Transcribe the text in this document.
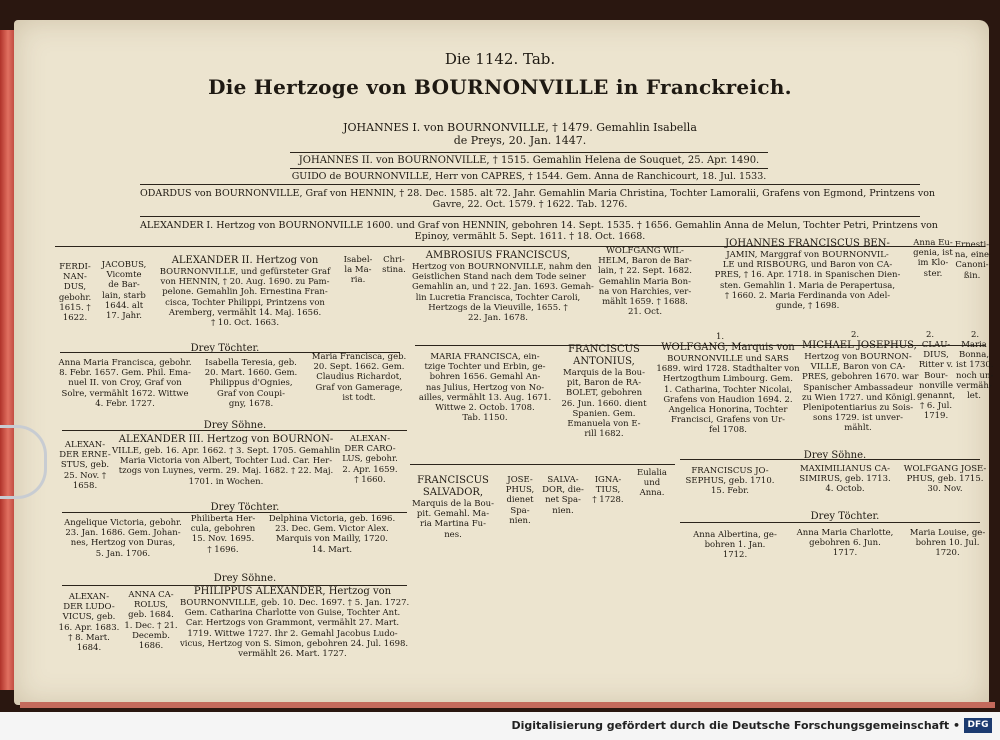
Die 1142. Tab.
Die Hertzoge von BOURNONVILLE in Franckreich.
JOHANNES I. von BOURNONVILLE, † 1479. Gemahlin Isabella
de Preys, 20. Jan. 1447.
JOHANNES II. von BOURNONVILLE, † 1515. Gemahlin Helena de Souquet, 25. Apr. 1490.
GUIDO de BOURNONVILLE, Herr von CAPRES, † 1544. Gem. Anna de Ranchicourt, 18. Jul. 1533.
ODARDUS von BOURNONVILLE, Graf von HENNIN, † 28. Dec. 1585. alt 72. Jahr. Gemahlin Maria Christina, Tochter Lamoralii, Grafens von Egmond, Printzens von
Gavre, 22. Oct. 1579. † 1622. Tab. 1276.
ALEXANDER I. Hertzog von BOURNONVILLE 1600. und Graf von HENNIN, gebohren 14. Sept. 1535. † 1656. Gemahlin Anna de Melun, Tochter Petri, Printzens von
Epinoy, vermählt 5. Sept. 1611. † 18. Oct. 1668.
FERDI-
NAN-
DUS,
gebohr.
1615. †
1622.
JACOBUS,
Vicomte
de Bar-
lain, starb
1644. alt
17. Jahr.
ALEXANDER II. Hertzog von
BOURNONVILLE, und gefürsteter Graf
von HENNIN, † 20. Aug. 1690. zu Pam-
pelone. Gemahlin Joh. Ernestina Fran-
cisca, Tochter Philippi, Printzens von
Aremberg, vermählt 14. Maj. 1656.
† 10. Oct. 1663.
Isabel-
la Ma-
ria.
Chri-
stina.
AMBROSIUS FRANCISCUS,
Hertzog von BOURNONVILLE, nahm den
Geistlichen Stand nach dem Tode seiner
Gemahlin an, und † 22. Jan. 1693. Gemah-
lin Lucretia Francisca, Tochter Caroli,
Hertzogs de la Vieuville, 1655. †
22. Jan. 1678.
WOLFGANG WIL-
HELM, Baron de Bar-
lain, † 22. Sept. 1682.
Gemahlin Maria Bon-
na von Harchies, ver-
mählt 1659. † 1688.
21. Oct.
JOHANNES FRANCISCUS BEN-
JAMIN, Marggraf von BOURNONVIL-
LE und RISBOURG, und Baron von CA-
PRES, † 16. Apr. 1718. in Spanischen Dien-
sten. Gemahlin 1. Maria de Perapertusa,
† 1660. 2. Maria Ferdinanda von Adel-
gunde, † 1698.
Anna Eu-
genia, ist
im Klo-
ster.
Ernesti-
na, eine
Canoni-
ßin.
Drey Töchter.
Anna Maria Francisca, gebohr.
8. Febr. 1657. Gem. Phil. Ema-
nuel II. von Croy, Graf von
Solre, vermählt 1672. Wittwe
4. Febr. 1727.
Isabella Teresia, geb.
20. Mart. 1660. Gem.
Philippus d'Ognies,
Graf von Coupi-
gny, 1678.
Maria Francisca, geb.
20. Sept. 1662. Gem.
Claudius Richardot,
Graf von Gamerage,
ist todt.
Drey Söhne.
ALEXAN-
DER ERNE-
STUS, geb.
25. Nov. †
1658.
ALEXANDER III. Hertzog von BOURNON-
VILLE, geb. 16. Apr. 1662. † 3. Sept. 1705. Gemahlin
Maria Victoria von Albert, Tochter Lud. Car. Her-
tzogs von Luynes, verm. 29. Maj. 1682. † 22. Maj.
1701. in Wochen.
ALEXAN-
DER CARO-
LUS, gebohr.
2. Apr. 1659.
† 1660.
Drey Töchter.
Angelique Victoria, gebohr.
23. Jan. 1686. Gem. Johan-
nes, Hertzog von Duras,
5. Jan. 1706.
Philiberta Her-
cula, gebohren
15. Nov. 1695.
† 1696.
Delphina Victoria, geb. 1696.
23. Dec. Gem. Victor Alex.
Marquis von Mailly, 1720.
14. Mart.
Drey Söhne.
ALEXAN-
DER LUDO-
VICUS, geb.
16. Apr. 1683.
† 8. Mart.
1684.
ANNA CA-
ROLUS,
geb. 1684.
1. Dec. † 21.
Decemb.
1686.
PHILIPPUS ALEXANDER, Hertzog von
BOURNONVILLE, geb. 10. Dec. 1697. † 5. Jan. 1727.
Gem. Catharina Charlotte von Guise, Tochter Ant.
Car. Hertzogs von Grammont, vermählt 27. Mart.
1719. Wittwe 1727. Ihr 2. Gemahl Jacobus Ludo-
vicus, Hertzog von S. Simon, gebohren 24. Jul. 1698.
vermählt 26. Mart. 1727.
MARIA FRANCISCA, ein-
tzige Tochter und Erbin, ge-
bohren 1656. Gemahl An-
nas Julius, Hertzog von No-
ailles, vermählt 13. Aug. 1671.
Wittwe 2. Octob. 1708.
Tab. 1150.
FRANCISCUS
ANTONIUS,
Marquis de la Bou-
pit, Baron de RA-
BOLET, gebohren
26. Jun. 1660. dient
Spanien. Gem.
Emanuela von E-
rill 1682.
1.
WOLFGANG, Marquis von
BOURNONVILLE und SARS
1689. wird 1728. Stadthalter von
Hertzogthum Limbourg. Gem.
1. Catharina, Tochter Nicolai,
Grafens von Haudion 1694. 2.
Angelica Honorina, Tochter
Francisci, Grafens von Ur-
fel 1708.
2.
MICHAEL JOSEPHUS,
Hertzog von BOURNON-
VILLE, Baron von CA-
PRES, gebohren 1670. war
Spanischer Ambassadeur
zu Wien 1727. und Königl.
Plenipotentiarius zu Sois-
sons 1729. ist unver-
mählt.
2.
CLAU-
DIUS,
Ritter v.
Bour-
nonville
genannt,
† 6. Jul.
1719.
2.
Maria
Bonna,
ist 1730.
noch un-
vermäh-
let.
FRANCISCUS
SALVADOR,
Marquis de la Bou-
pit. Gemahl. Ma-
ria Martina Fu-
nes.
JOSE-
PHUS,
dienet
Spa-
nien.
SALVA-
DOR, die-
net Spa-
nien.
IGNA-
TIUS,
† 1728.
Eulalia
und
Anna.
Drey Söhne.
FRANCISCUS JO-
SEPHUS, geb. 1710.
15. Febr.
MAXIMILIANUS CA-
SIMIRUS, geb. 1713.
4. Octob.
WOLFGANG JOSE-
PHUS, geb. 1715.
30. Nov.
Drey Töchter.
Anna Albertina, ge-
bohren 1. Jan.
1712.
Anna Maria Charlotte,
gebohren 6. Jun.
1717.
Maria Louise, ge-
bohren 10. Jul.
1720.
Digitalisierung gefördert durch die Deutsche Forschungsgemeinschaft • DFG
